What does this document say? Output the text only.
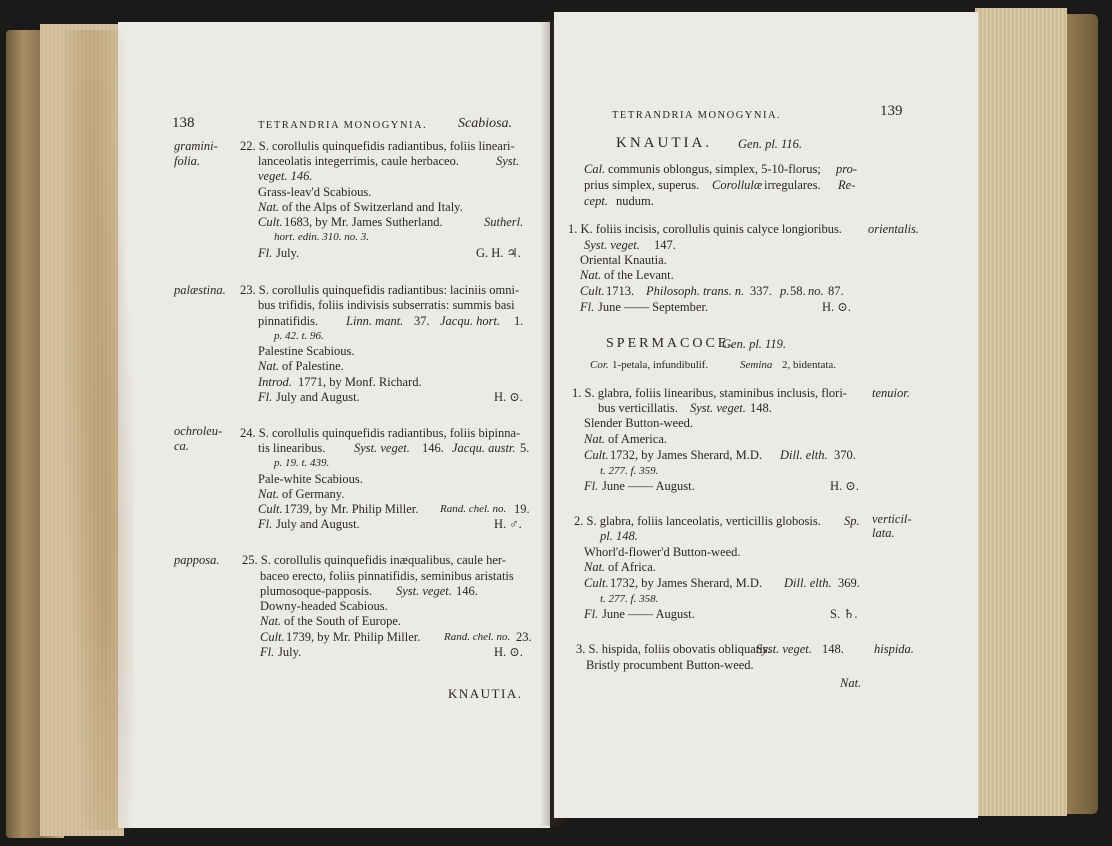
138	TETRANDRIA MONOGYNIA. Scabiosa.
gramini-
folia.
22. S. corollulis quinquefidis radiantibus, foliis lineari-
lanceolatis integerrimis, caule herbaceo.	Syst.
veget. 146.
Grass-leav'd Scabious.
Nat. of the Alps of Switzerland and Italy.
Cult. 1683, by Mr. James Sutherland.	Sutherl.
hort. edin. 310. no. 3.
Fl. July.	G. H. ♃.
palæstina. 23. S. corollulis quinquefidis radiantibus: laciniis omni-
bus trifidis, foliis indivisis subserratis: summis basi
pinnatifidis. Linn. mant. 37. Jacqu. hort. 1.
p. 42. t. 96.
Palestine Scabious.
Nat. of Palestine.
Introd. 1771, by Monf. Richard.
Fl. July and August.	H. ⊙.
ochroleu-
ca.
24. S. corollulis quinquefidis radiantibus, foliis bipinna-
tis linearibus. Syst. veget. 146. Jacqu. austr. 5.
p. 19. t. 439.
Pale-white Scabious.
Nat. of Germany.
Cult. 1739, by Mr. Philip Miller. Rand. chel. no. 19.
Fl. July and August.	H. ♂.
papposa. 25. S. corollulis quinquefidis inæqualibus, caule her-
baceo erecto, foliis pinnatifidis, seminibus aristatis
plumosoque-papposis. Syst. veget. 146.
Downy-headed Scabious.
Nat. of the South of Europe.
Cult. 1739, by Mr. Philip Miller. Rand. chel. no. 23.
Fl. July.	H. ⊙.
KNAUTIA.
TETRANDRIA MONOGYNIA.	139
KNAUTIA. Gen. pl. 116.
Cal. communis oblongus, simplex, 5-10-florus; pro-
prius simplex, superus. Corollulæ irregulares. Re-
cept. nudum.
1. K. foliis incisis, corollulis quinis calyce longioribus. orientalis.
Syst. veget. 147.
Oriental Knautia.
Nat. of the Levant.
Cult. 1713. Philosoph. trans. n. 337. p. 58. no. 87.
Fl. June —— September.	H. ⊙.
SPERMACOCE.
Gen. pl. 119.
Cor. 1-petala, infundibulif.	Semina 2, bidentata.
1. S. glabra, foliis linearibus, staminibus inclusis, flori- tenuior.
bus verticillatis. Syst. veget. 148.
Slender Button-weed.
Nat. of America.
Cult. 1732, by James Sherard, M.D. Dill. elth. 370.
t. 277. f. 359.
Fl. June —— August.	H. ⊙.
2. S. glabra, foliis lanceolatis, verticillis globosis. Sp. verticil-
lata.
pl. 148.
Whorl'd-flower'd Button-weed.
Nat. of Africa.
Cult. 1732, by James Sherard, M.D. Dill. elth. 369.
t. 277. f. 358.
Fl. June —— August.	S. ♄.
3. S. hispida, foliis obovatis obliquatis.
Syst. veget. 148. hispida.
Bristly procumbent Button-weed.
Nat.
